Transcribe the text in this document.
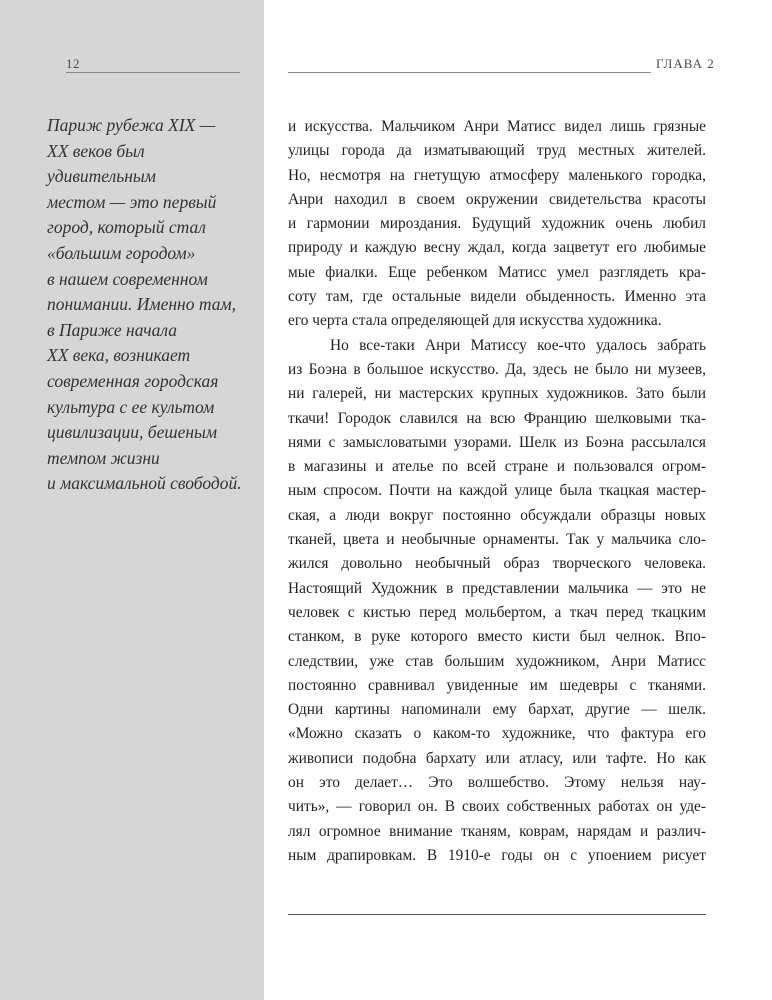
12	ГЛАВА 2

Париж рубежа XIX —
XX веков был
удивительным
местом — это первый
город, который стал
«большим городом»
в нашем современном
понимании. Именно там,
в Париже начала
XX века, возникает
современная городская
культура с ее культом
цивилизации, бешеным
темпом жизни
и максимальной свободой.

и искусства. Мальчиком Анри Матисс видел лишь грязные
улицы города да изматывающий труд местных жителей.
Но, несмотря на гнетущую атмосферу маленького городка,
Анри находил в своем окружении свидетельства красоты
и гармонии мироздания. Будущий художник очень любил
природу и каждую весну ждал, когда зацветут его любимые
мые фиалки. Еще ребенком Матисс умел разглядеть кра-
соту там, где остальные видели обыденность. Именно эта
его черта стала определяющей для искусства художника.
Но все-таки Анри Матиссу кое-что удалось забрать
из Боэна в большое искусство. Да, здесь не было ни музеев,
ни галерей, ни мастерских крупных художников. Зато были
ткачи! Городок славился на всю Францию шелковыми тка-
нями с замысловатыми узорами. Шелк из Боэна рассылался
в магазины и ателье по всей стране и пользовался огром-
ным спросом. Почти на каждой улице была ткацкая мастер-
ская, а люди вокруг постоянно обсуждали образцы новых
тканей, цвета и необычные орнаменты. Так у мальчика сло-
жился довольно необычный образ творческого человека.
Настоящий Художник в представлении мальчика — это не
человек с кистью перед мольбертом, а ткач перед ткацким
станком, в руке которого вместо кисти был челнок. Впо-
следствии, уже став большим художником, Анри Матисс
постоянно сравнивал увиденные им шедевры с тканями.
Одни картины напоминали ему бархат, другие — шелк.
«Можно сказать о каком-то художнике, что фактура его
живописи подобна бархату или атласу, или тафте. Но как
он это делает… Это волшебство. Этому нельзя нау-
чить», — говорил он. В своих собственных работах он уде-
лял огромное внимание тканям, коврам, нарядам и различ-
ным драпировкам. В 1910-е годы он с упоением рисует
